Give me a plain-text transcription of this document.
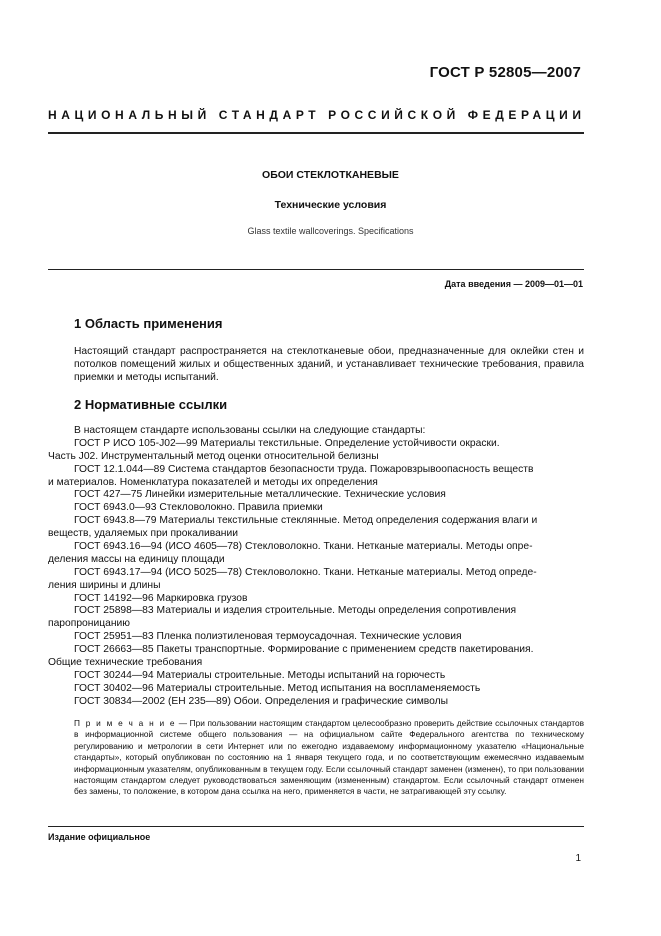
ГОСТ Р 52805—2007
НАЦИОНАЛЬНЫЙ СТАНДАРТ РОССИЙСКОЙ ФЕДЕРАЦИИ
ОБОИ СТЕКЛОТКАНЕВЫЕ
Технические условия
Glass textile wallcoverings. Specifications
Дата введения — 2009—01—01
1 Область применения

Настоящий стандарт распространяется на стеклотканевые обои, предназначенные для оклейки стен и потолков помещений жилых и общественных зданий, и устанавливает технические требования, правила приемки и методы испытаний.

2 Нормативные ссылки
В настоящем стандарте использованы ссылки на следующие стандарты:
ГОСТ Р ИСО 105-J02—99 Материалы текстильные. Определение устойчивости окраски.
Часть J02. Инструментальный метод оценки относительной белизны
ГОСТ 12.1.044—89 Система стандартов безопасности труда. Пожаровзрывоопасность веществ
и материалов. Номенклатура показателей и методы их определения
ГОСТ 427—75 Линейки измерительные металлические. Технические условия
ГОСТ 6943.0—93 Стекловолокно. Правила приемки
ГОСТ 6943.8—79 Материалы текстильные стеклянные. Метод определения содержания влаги и
веществ, удаляемых при прокаливании
ГОСТ 6943.16—94 (ИСО 4605—78) Стекловолокно. Ткани. Нетканые материалы. Методы опре-
деления массы на единицу площади
ГОСТ 6943.17—94 (ИСО 5025—78) Стекловолокно. Ткани. Нетканые материалы. Метод опреде-
ления ширины и длины
ГОСТ 14192—96 Маркировка грузов
ГОСТ 25898—83 Материалы и изделия строительные. Методы определения сопротивления
паропроницанию
ГОСТ 25951—83 Пленка полиэтиленовая термоусадочная. Технические условия
ГОСТ 26663—85 Пакеты транспортные. Формирование с применением средств пакетирования.
Общие технические требования
ГОСТ 30244—94 Материалы строительные. Методы испытаний на горючесть
ГОСТ 30402—96 Материалы строительные. Метод испытания на воспламеняемость
ГОСТ 30834—2002 (ЕН 235—89) Обои. Определения и графические символы

П р и м е ч а н и е — При пользовании настоящим стандартом целесообразно проверить действие ссылочных стандартов в информационной системе общего пользования — на официальном сайте Федерального агентства по техническому регулированию и метрологии в сети Интернет или по ежегодно издаваемому информационному указателю «Национальные стандарты», который опубликован по состоянию на 1 января текущего года, и по соответствующим ежемесячно издаваемым информационным указателям, опубликованным в текущем году. Если ссылочный стандарт заменен (изменен), то при пользовании настоящим стандартом следует руководствоваться заменяющим (измененным) стандартом. Если ссылочный стандарт отменен без замены, то положение, в котором дана ссылка на него, применяется в части, не затрагивающей эту ссылку.

Издание официальное
1
